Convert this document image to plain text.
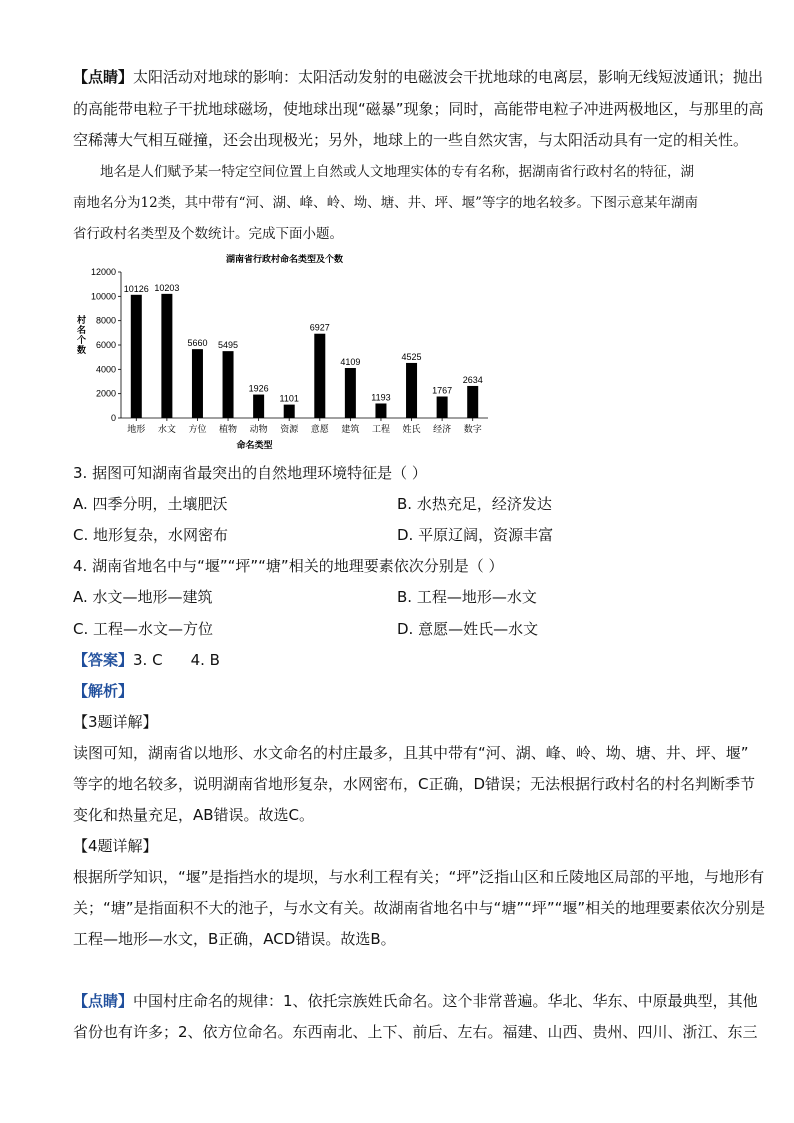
【点睛】太阳活动对地球的影响：太阳活动发射的电磁波会干扰地球的电离层，影响无线短波通讯；抛出
的高能带电粒子干扰地球磁场，使地球出现“磁暴”现象；同时，高能带电粒子冲进两极地区，与那里的高
空稀薄大气相互碰撞，还会出现极光；另外，地球上的一些自然灾害，与太阳活动具有一定的相关性。
地名是人们赋予某一特定空间位置上自然或人文地理实体的专有名称，据湖南省行政村名的特征，湖
南地名分为12类，其中带有“河、湖、峰、岭、坳、塘、井、坪、堰”等字的地名较多。下图示意某年湖南
省行政村名类型及个数统计。完成下面小题。
湖南省行政村命名类型及个数
0
2000
4000
6000
8000
10000
12000
村名个数
10126
地形
10203
水文
5660
方位
5495
植物
1926
动物
1101
资源
6927
意愿
4109
建筑
1193
工程
4525
姓氏
1767
经济
2634
数字
命名类型
3. 据图可知湖南省最突出的自然地理环境特征是（ ）
A. 四季分明，土壤肥沃	B. 水热充足，经济发达
C. 地形复杂，水网密布	D. 平原辽阔，资源丰富
4. 湖南省地名中与“堰”“坪”“塘”相关的地理要素依次分别是（ ）
A. 水文—地形—建筑	B. 工程—地形—水文
C. 工程—水文—方位	D. 意愿—姓氏—水文
【答案】3. C 4. B
【解析】
【3题详解】
读图可知，湖南省以地形、水文命名的村庄最多，且其中带有“河、湖、峰、岭、坳、塘、井、坪、堰”
等字的地名较多，说明湖南省地形复杂，水网密布，C正确，D错误；无法根据行政村名的村名判断季节
变化和热量充足，AB错误。故选C。
【4题详解】
根据所学知识，“堰”是指挡水的堤坝，与水利工程有关；“坪”泛指山区和丘陵地区局部的平地，与地形有
关；“塘”是指面积不大的池子，与水文有关。故湖南省地名中与“塘”“坪”“堰”相关的地理要素依次分别是
工程—地形—水文，B正确，ACD错误。故选B。
【点睛】中国村庄命名的规律：1、依托宗族姓氏命名。这个非常普遍。华北、华东、中原最典型，其他
省份也有许多；2、依方位命名。东西南北、上下、前后、左右。福建、山西、贵州、四川、浙江、东三
